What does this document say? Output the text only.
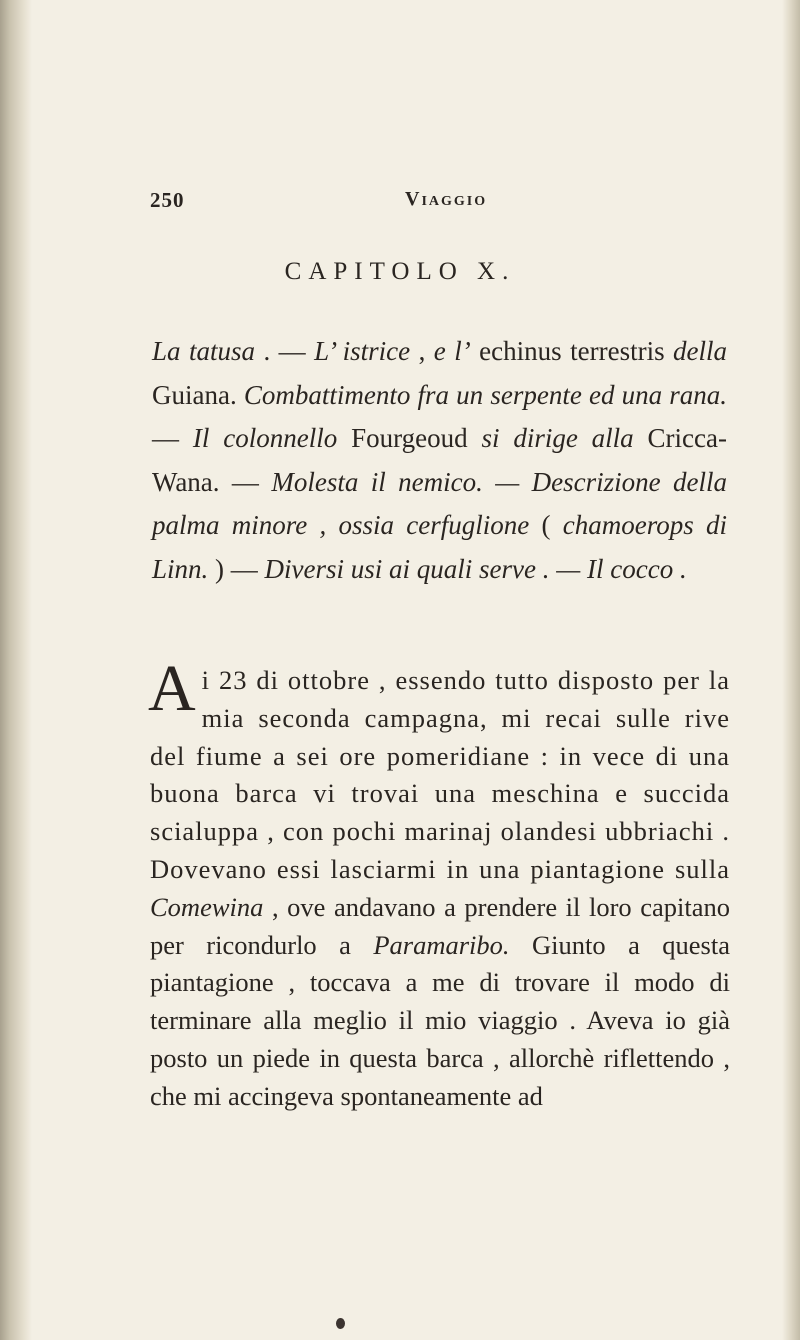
250	Viaggio
CAPITOLO X.
La tatusa . — L’ istrice , e l’ echinus terrestris della Guiana. Combattimento fra un serpente ed una rana. — Il colonnello Fourgeoud si dirige alla Cricca-Wana. — Molesta il nemico. — Descrizione della palma minore , ossia cerfuglione ( chamoerops di Linn. ) — Diversi usi ai quali serve . — Il cocco .
Ai 23 di ottobre , essendo tutto disposto per la mia seconda campagna, mi recai sulle rive del fiume a sei ore pomeridiane : in vece di una buona barca vi trovai una meschina e succida scialuppa , con pochi marinaj olandesi ubbriachi . Dovevano essi lasciarmi in una piantagione sulla Comewina , ove andavano a prendere il loro capitano per ricondurlo a Paramaribo. Giunto a questa piantagione , toccava a me di trovare il modo di terminare alla meglio il mio viaggio . Aveva io già posto un piede in questa barca , allorchè riflettendo , che mi accingeva spontaneamente ad
